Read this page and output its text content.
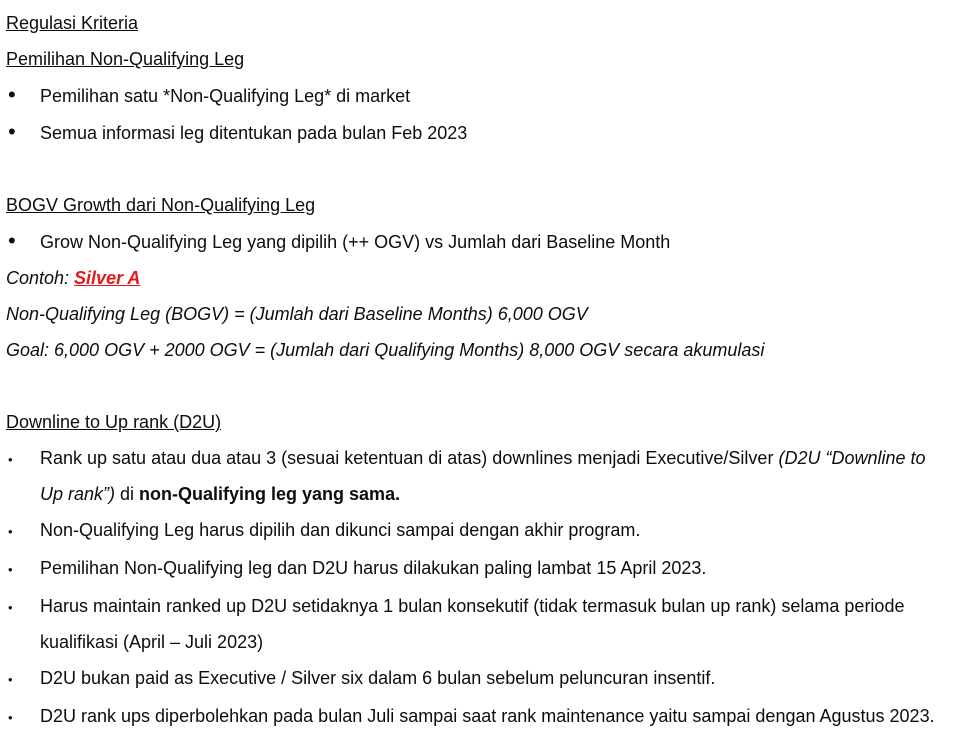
Regulasi Kriteria
Pemilihan Non-Qualifying Leg
•	Pemilihan satu *Non-Qualifying Leg* di market
•	Semua informasi leg ditentukan pada bulan Feb 2023
BOGV Growth dari Non-Qualifying Leg
•	Grow Non-Qualifying Leg yang dipilih (++ OGV) vs Jumlah dari Baseline Month
Contoh: Silver A
Non-Qualifying Leg (BOGV) = (Jumlah dari Baseline Months) 6,000 OGV
Goal: 6,000 OGV + 2000 OGV = (Jumlah dari Qualifying Months) 8,000 OGV secara akumulasi
Downline to Up rank (D2U)
•	Rank up satu atau dua atau 3 (sesuai ketentuan di atas) downlines menjadi Executive/Silver (D2U “Downline to Up rank”) di non-Qualifying leg yang sama.
•	Non-Qualifying Leg harus dipilih dan dikunci sampai dengan akhir program.
•	Pemilihan Non-Qualifying leg dan D2U harus dilakukan paling lambat 15 April 2023.
•	Harus maintain ranked up D2U setidaknya 1 bulan konsekutif (tidak termasuk bulan up rank) selama periode kualifikasi (April – Juli 2023)
•	D2U bukan paid as Executive / Silver six dalam 6 bulan sebelum peluncuran insentif.
•	D2U rank ups diperbolehkan pada bulan Juli sampai saat rank maintenance yaitu sampai dengan Agustus 2023.
